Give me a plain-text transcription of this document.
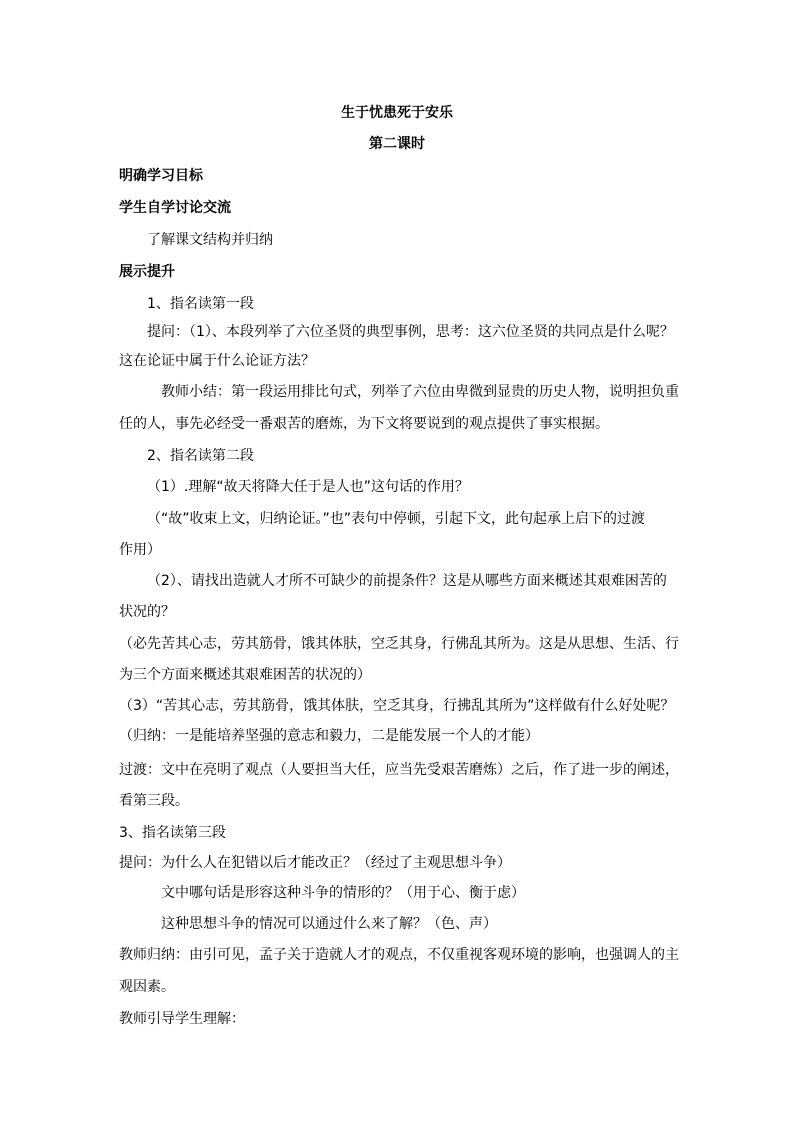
生于忧患死于安乐
第二课时
明确学习目标
学生自学讨论交流
了解课文结构并归纳
展示提升
1、指名读第一段
提问：（1）、本段列举了六位圣贤的典型事例，思考：这六位圣贤的共同点是什么呢？
这在论证中属于什么论证方法？
教师小结：第一段运用排比句式，列举了六位由卑微到显贵的历史人物，说明担负重
任的人，事先必经受一番艰苦的磨炼，为下文将要说到的观点提供了事实根据。
2、指名读第二段
（1）.理解“故天将降大任于是人也”这句话的作用？
（“故”收束上文，归纳论证。”也”表句中停顿，引起下文，此句起承上启下的过渡
作用）
（2）、请找出造就人才所不可缺少的前提条件？这是从哪些方面来概述其艰难困苦的
状况的？
（必先苦其心志，劳其筋骨，饿其体肤，空乏其身，行佛乱其所为。这是从思想、生活、行
为三个方面来概述其艰难困苦的状况的）
（3）“苦其心志，劳其筋骨，饿其体肤，空乏其身，行拂乱其所为”这样做有什么好处呢？
（归纳：一是能培养坚强的意志和毅力，二是能发展一个人的才能）
过渡：文中在亮明了观点（人要担当大任，应当先受艰苦磨炼）之后，作了进一步的阐述，
看第三段。
3、指名读第三段
提问：为什么人在犯错以后才能改正？（经过了主观思想斗争）
文中哪句话是形容这种斗争的情形的？（用于心、衡于虑）
这种思想斗争的情况可以通过什么来了解？（色、声）
教师归纳：由引可见，孟子关于造就人才的观点，不仅重视客观环境的影响，也强调人的主
观因素。
教师引导学生理解：
